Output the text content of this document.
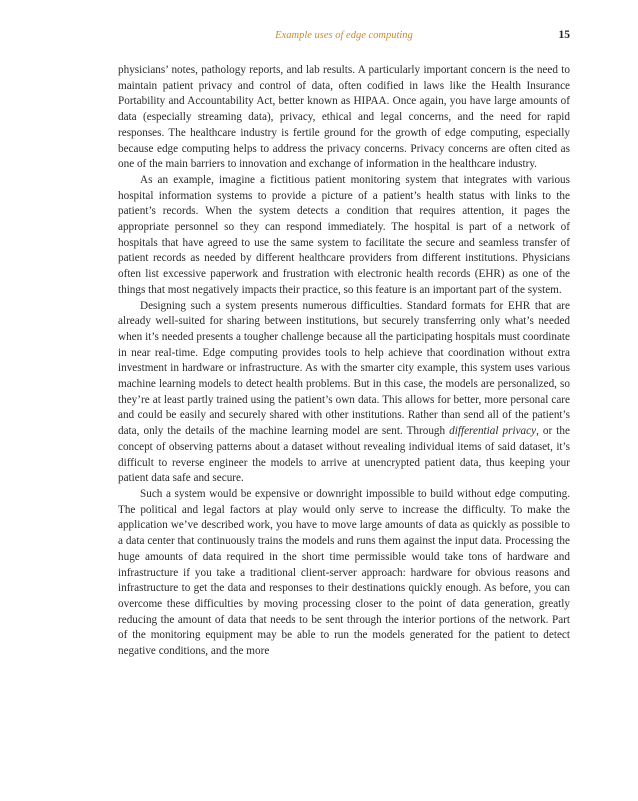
Example uses of edge computing	15

physicians’ notes, pathology reports, and lab results. A particularly important concern is the need to maintain patient privacy and control of data, often codified in laws like the Health Insurance Portability and Accountability Act, better known as HIPAA. Once again, you have large amounts of data (especially streaming data), privacy, ethical and legal concerns, and the need for rapid responses. The healthcare industry is fertile ground for the growth of edge computing, especially because edge computing helps to address the privacy concerns. Privacy concerns are often cited as one of the main barriers to innovation and exchange of information in the healthcare industry.

As an example, imagine a fictitious patient monitoring system that integrates with various hospital information systems to provide a picture of a patient’s health status with links to the patient’s records. When the system detects a condition that requires attention, it pages the appropriate personnel so they can respond immediately. The hospital is part of a network of hospitals that have agreed to use the same system to facilitate the secure and seamless transfer of patient records as needed by different healthcare providers from different institutions. Physicians often list excessive paperwork and frustration with electronic health records (EHR) as one of the things that most negatively impacts their practice, so this feature is an important part of the system.

Designing such a system presents numerous difficulties. Standard formats for EHR that are already well-suited for sharing between institutions, but securely transferring only what’s needed when it’s needed presents a tougher challenge because all the participating hospitals must coordinate in near real-time. Edge computing provides tools to help achieve that coordination without extra investment in hardware or infrastructure. As with the smarter city example, this system uses various machine learning models to detect health problems. But in this case, the models are personalized, so they’re at least partly trained using the patient’s own data. This allows for better, more personal care and could be easily and securely shared with other institutions. Rather than send all of the patient’s data, only the details of the machine learning model are sent. Through differential privacy, or the concept of observing patterns about a dataset without revealing individual items of said dataset, it’s difficult to reverse engineer the models to arrive at unencrypted patient data, thus keeping your patient data safe and secure.

Such a system would be expensive or downright impossible to build without edge computing. The political and legal factors at play would only serve to increase the difficulty. To make the application we’ve described work, you have to move large amounts of data as quickly as possible to a data center that continuously trains the models and runs them against the input data. Processing the huge amounts of data required in the short time permissible would take tons of hardware and infrastructure if you take a traditional client-server approach: hardware for obvious reasons and infrastructure to get the data and responses to their destinations quickly enough. As before, you can overcome these difficulties by moving processing closer to the point of data generation, greatly reducing the amount of data that needs to be sent through the interior portions of the network. Part of the monitoring equipment may be able to run the models generated for the patient to detect negative conditions, and the more
